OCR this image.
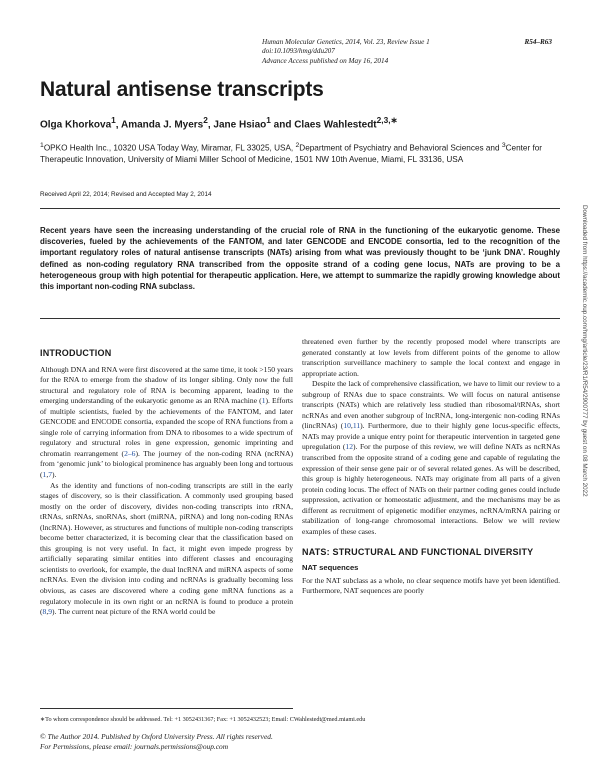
Human Molecular Genetics, 2014, Vol. 23, Review Issue 1	R54–R63
doi:10.1093/hmg/ddu207
Advance Access published on May 16, 2014
Natural antisense transcripts
Olga Khorkova$^1$, Amanda J. Myers$^2$, Jane Hsiao$^1$ and Claes Wahlestedt$^{2,3,∗}$
$^1$OPKO Health Inc., 10320 USA Today Way, Miramar, FL 33025, USA, $^2$Department of Psychiatry and Behavioral Sciences and $^3$Center for Therapeutic Innovation, University of Miami Miller School of Medicine, 1501 NW 10th Avenue, Miami, FL 33136, USA
Received April 22, 2014; Revised and Accepted May 2, 2014
Recent years have seen the increasing understanding of the crucial role of RNA in the functioning of the eukaryotic genome. These discoveries, fueled by the achievements of the FANTOM, and later GENCODE and ENCODE consortia, led to the recognition of the important regulatory roles of natural antisense transcripts (NATs) arising from what was previously thought to be ‘junk DNA’. Roughly defined as non-coding regulatory RNA transcribed from the opposite strand of a coding gene locus, NATs are proving to be a heterogeneous group with high potential for therapeutic application. Here, we attempt to summarize the rapidly growing knowledge about this important non-coding RNA subclass.
INTRODUCTION

Although DNA and RNA were first discovered at the same time, it took >150 years for the RNA to emerge from the shadow of its longer sibling. Only now the full structural and regulatory role of RNA is becoming apparent, leading to the emerging understanding of the eukaryotic genome as an RNA machine (1). Efforts of multiple scientists, fueled by the achievements of the FANTOM, and later GENCODE and ENCODE consortia, expanded the scope of RNA functions from a single role of carrying information from DNA to ribosomes to a wide spectrum of regulatory and structural roles in gene expression, genomic imprinting and chromatin rearrangement (2–6). The journey of the non-coding RNA (ncRNA) from ‘genomic junk’ to biological prominence has arguably been long and tortuous (1,7).

As the identity and functions of non-coding transcripts are still in the early stages of discovery, so is their classification. A commonly used grouping based mostly on the order of discovery, divides non-coding transcripts into rRNA, tRNAs, snRNAs, snoRNAs, short (miRNA, piRNA) and long non-coding RNAs (lncRNA). However, as structures and functions of multiple non-coding transcripts become better characterized, it is becoming clear that the classification based on this grouping is not very useful. In fact, it might even impede progress by artificially separating similar entities into different classes and encouraging scientists to overlook, for example, the dual lncRNA and miRNA aspects of some ncRNAs. Even the division into coding and ncRNAs is gradually becoming less obvious, as cases are discovered where a coding gene mRNA functions as a regulatory molecule in its own right or an ncRNA is found to produce a protein (8,9). The current neat picture of the RNA world could be

threatened even further by the recently proposed model where transcripts are generated constantly at low levels from different points of the genome to allow transcription surveillance machinery to sample the local context and engage in appropriate action.

Despite the lack of comprehensive classification, we have to limit our review to a subgroup of RNAs due to space constraints. We will focus on natural antisense transcripts (NATs) which are relatively less studied than ribosomal/tRNAs, short ncRNAs and even another subgroup of lncRNA, long-intergenic non-coding RNAs (lincRNAs) (10,11). Furthermore, due to their highly gene locus-specific effects, NATs may provide a unique entry point for therapeutic intervention in targeted gene upregulation (12). For the purpose of this review, we will define NATs as ncRNAs transcribed from the opposite strand of a coding gene and capable of regulating the expression of their sense gene pair or of several related genes. As will be described, this group is highly heterogeneous. NATs may originate from all parts of a given protein coding locus. The effect of NATs on their partner coding genes could include suppression, activation or homeostatic adjustment, and the mechanisms may be as different as recruitment of epigenetic modifier enzymes, ncRNA/mRNA pairing or stabilization of long-range chromosomal interactions. Below we will review examples of these cases.

NATS: STRUCTURAL AND FUNCTIONAL DIVERSITY
NAT sequences

For the NAT subclass as a whole, no clear sequence motifs have yet been identified. Furthermore, NAT sequences are poorly

∗To whom correspondence should be addressed. Tel: +1 3052431367; Fax: +1 3052432523; Email: CWahlestedt@med.miami.edu
© The Author 2014. Published by Oxford University Press. All rights reserved.
For Permissions, please email: journals.permissions@oup.com
Downloaded from https://academic.oup.com/hmg/article/23/R1/R54/2900777 by guest on 08 March 2022
